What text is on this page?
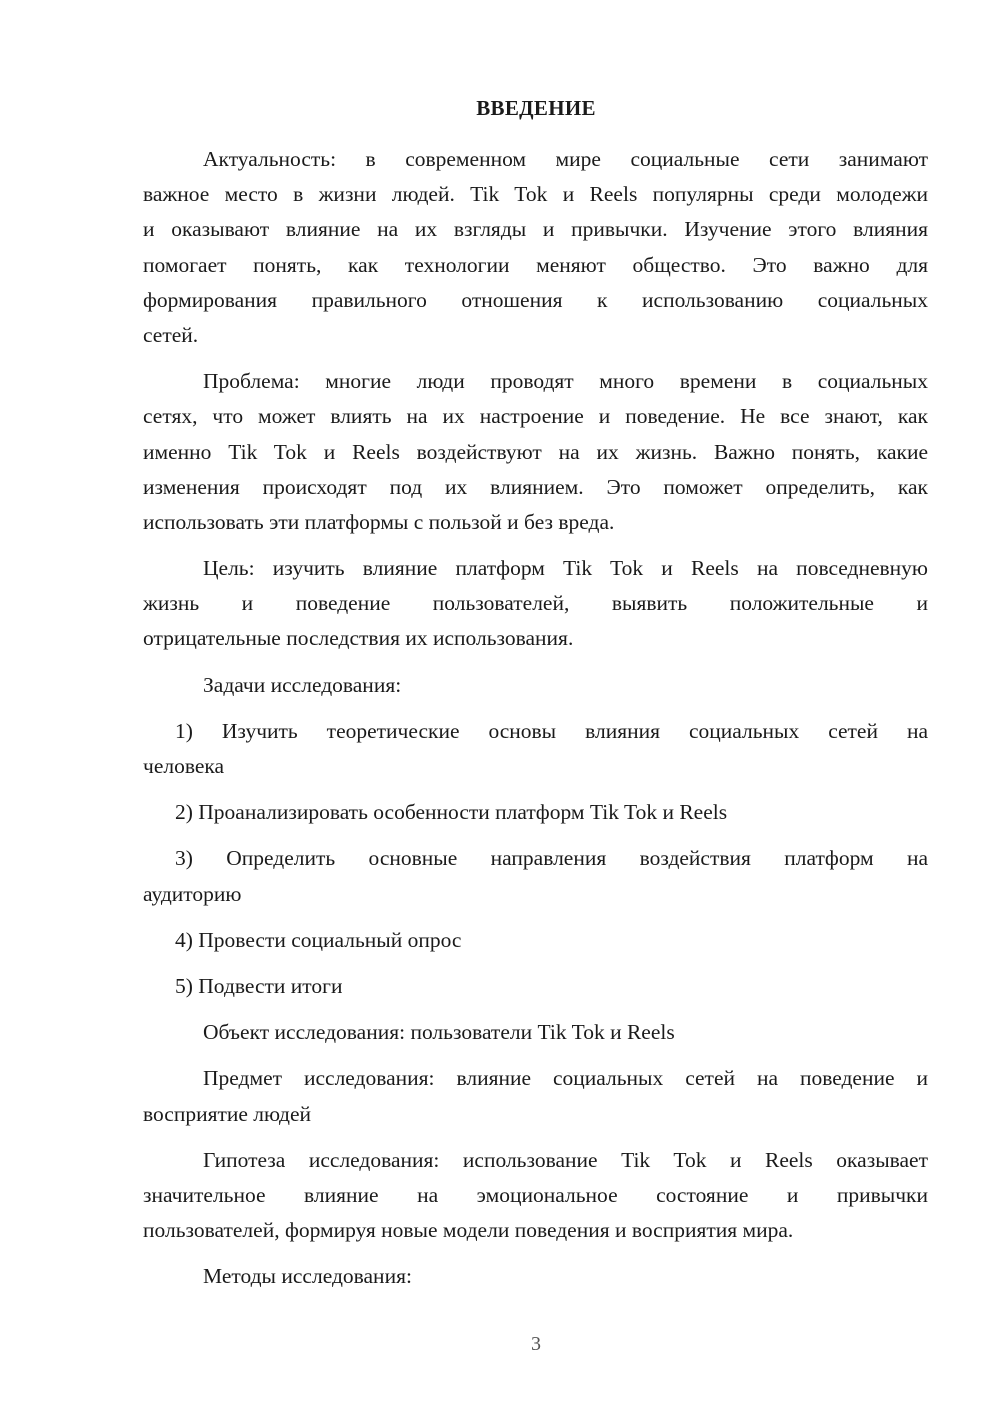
ВВЕДЕНИЕ
Актуальность: в современном мире социальные сети занимают
важное место в жизни людей. Tik Tok и Reels популярны среди молодежи
и оказывают влияние на их взгляды и привычки. Изучение этого влияния
помогает понять, как технологии меняют общество. Это важно для
формирования правильного отношения к использованию социальных
сетей.
Проблема: многие люди проводят много времени в социальных
сетях, что может влиять на их настроение и поведение. Не все знают, как
именно Tik Tok и Reels воздействуют на их жизнь. Важно понять, какие
изменения происходят под их влиянием. Это поможет определить, как
использовать эти платформы с пользой и без вреда.
Цель: изучить влияние платформ Tik Tok и Reels на повседневную
жизнь и поведение пользователей, выявить положительные и
отрицательные последствия их использования.
Задачи исследования:
1) Изучить теоретические основы влияния социальных сетей на
человека
2) Проанализировать особенности платформ Tik Tok и Reels
3) Определить основные направления воздействия платформ на
аудиторию
4) Провести социальный опрос
5) Подвести итоги
Объект исследования: пользователи Tik Tok и Reels
Предмет исследования: влияние социальных сетей на поведение и
восприятие людей
Гипотеза исследования: использование Tik Tok и Reels оказывает
значительное влияние на эмоциональное состояние и привычки
пользователей, формируя новые модели поведения и восприятия мира.
Методы исследования:
3
